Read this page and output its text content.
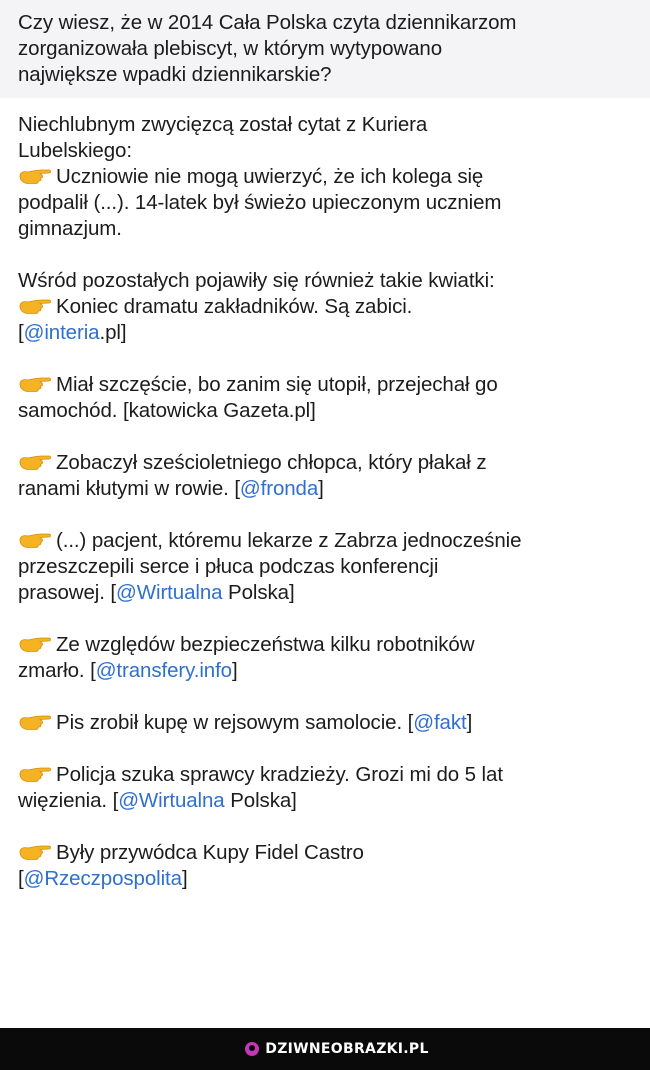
Czy wiesz, że w 2014 Cała Polska czyta dziennikarzom

zorganizowała plebiscyt, w którym wytypowano

największe wpadki dziennikarskie?

Niechlubnym zwycięzcą został cytat z Kuriera

Lubelskiego:

Uczniowie nie mogą uwierzyć, że ich kolega się

podpalił (...). 14-latek był świeżo upieczonym uczniem

gimnazjum.

Wśród pozostałych pojawiły się również takie kwiatki:

Koniec dramatu zakładników. Są zabici.

[@interia.pl]

Miał szczęście, bo zanim się utopił, przejechał go

samochód. [katowicka Gazeta.pl]

Zobaczył sześcioletniego chłopca, który płakał z

ranami kłutymi w rowie. [@fronda]

(...) pacjent, któremu lekarze z Zabrza jednocześnie

przeszczepili serce i płuca podczas konferencji

prasowej. [@Wirtualna Polska]

Ze względów bezpieczeństwa kilku robotników

zmarło. [@transfery.info]

Pis zrobił kupę w rejsowym samolocie. [@fakt]

Policja szuka sprawcy kradzieży. Grozi mi do 5 lat

więzienia. [@Wirtualna Polska]

Były przywódca Kupy Fidel Castro

[@Rzeczpospolita]

DZIWNEOBRAZKI.PL
